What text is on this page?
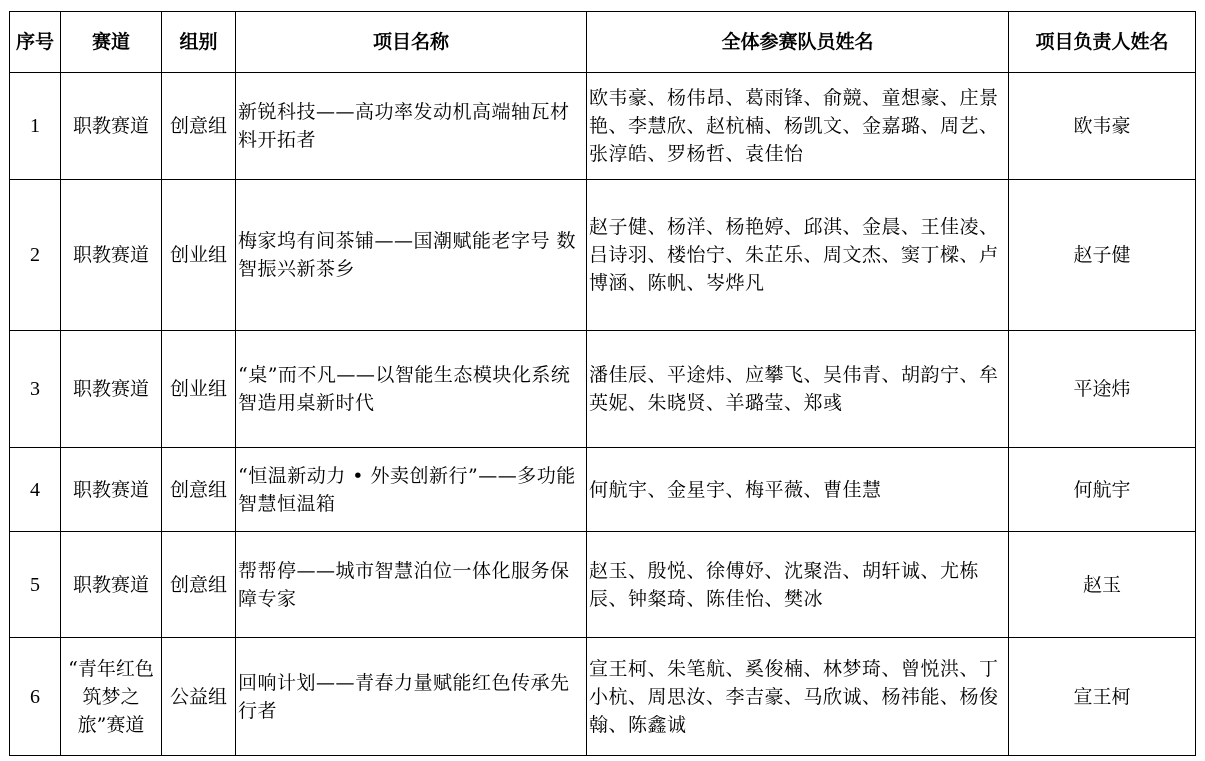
序号	赛道	组别	项目名称	全体参赛队员姓名	项目负责人姓名
1	职教赛道	创意组	新锐科技——高功率发动机高端轴瓦材料开拓者	欧韦豪、杨伟昂、葛雨锋、俞競、童想豪、庄景艳、李慧欣、赵杭楠、杨凯文、金嘉璐、周艺、张淳皓、罗杨哲、袁佳怡	欧韦豪
2	职教赛道	创业组	梅家坞有间茶铺——国潮赋能老字号 数智振兴新茶乡	赵子健、杨洋、杨艳婷、邱淇、金晨、王佳凌、吕诗羽、楼怡宁、朱芷乐、周文杰、窦丁樑、卢博涵、陈帆、岑烨凡	赵子健
3	职教赛道	创业组	“桌”而不凡——以智能生态模块化系统智造用桌新时代	潘佳辰、平途炜、应攀飞、吴伟青、胡韵宁、牟英妮、朱晓贤、羊璐莹、郑彧	平途炜
4	职教赛道	创意组	“恒温新动力 • 外卖创新行”——多功能智慧恒温箱	何航宇、金星宇、梅平薇、曹佳慧	何航宇
5	职教赛道	创意组	帮帮停——城市智慧泊位一体化服务保障专家	赵玉、殷悦、徐傅妤、沈聚浩、胡轩诚、尤栋辰、钟粲琦、陈佳怡、樊冰	赵玉
6	“青年红色筑梦之旅”赛道	公益组	回响计划——青春力量赋能红色传承先行者	宣王柯、朱笔航、奚俊楠、林梦琦、曾悦洪、丁小杭、周思汝、李吉豪、马欣诚、杨祎能、杨俊翰、陈鑫诚	宣王柯
